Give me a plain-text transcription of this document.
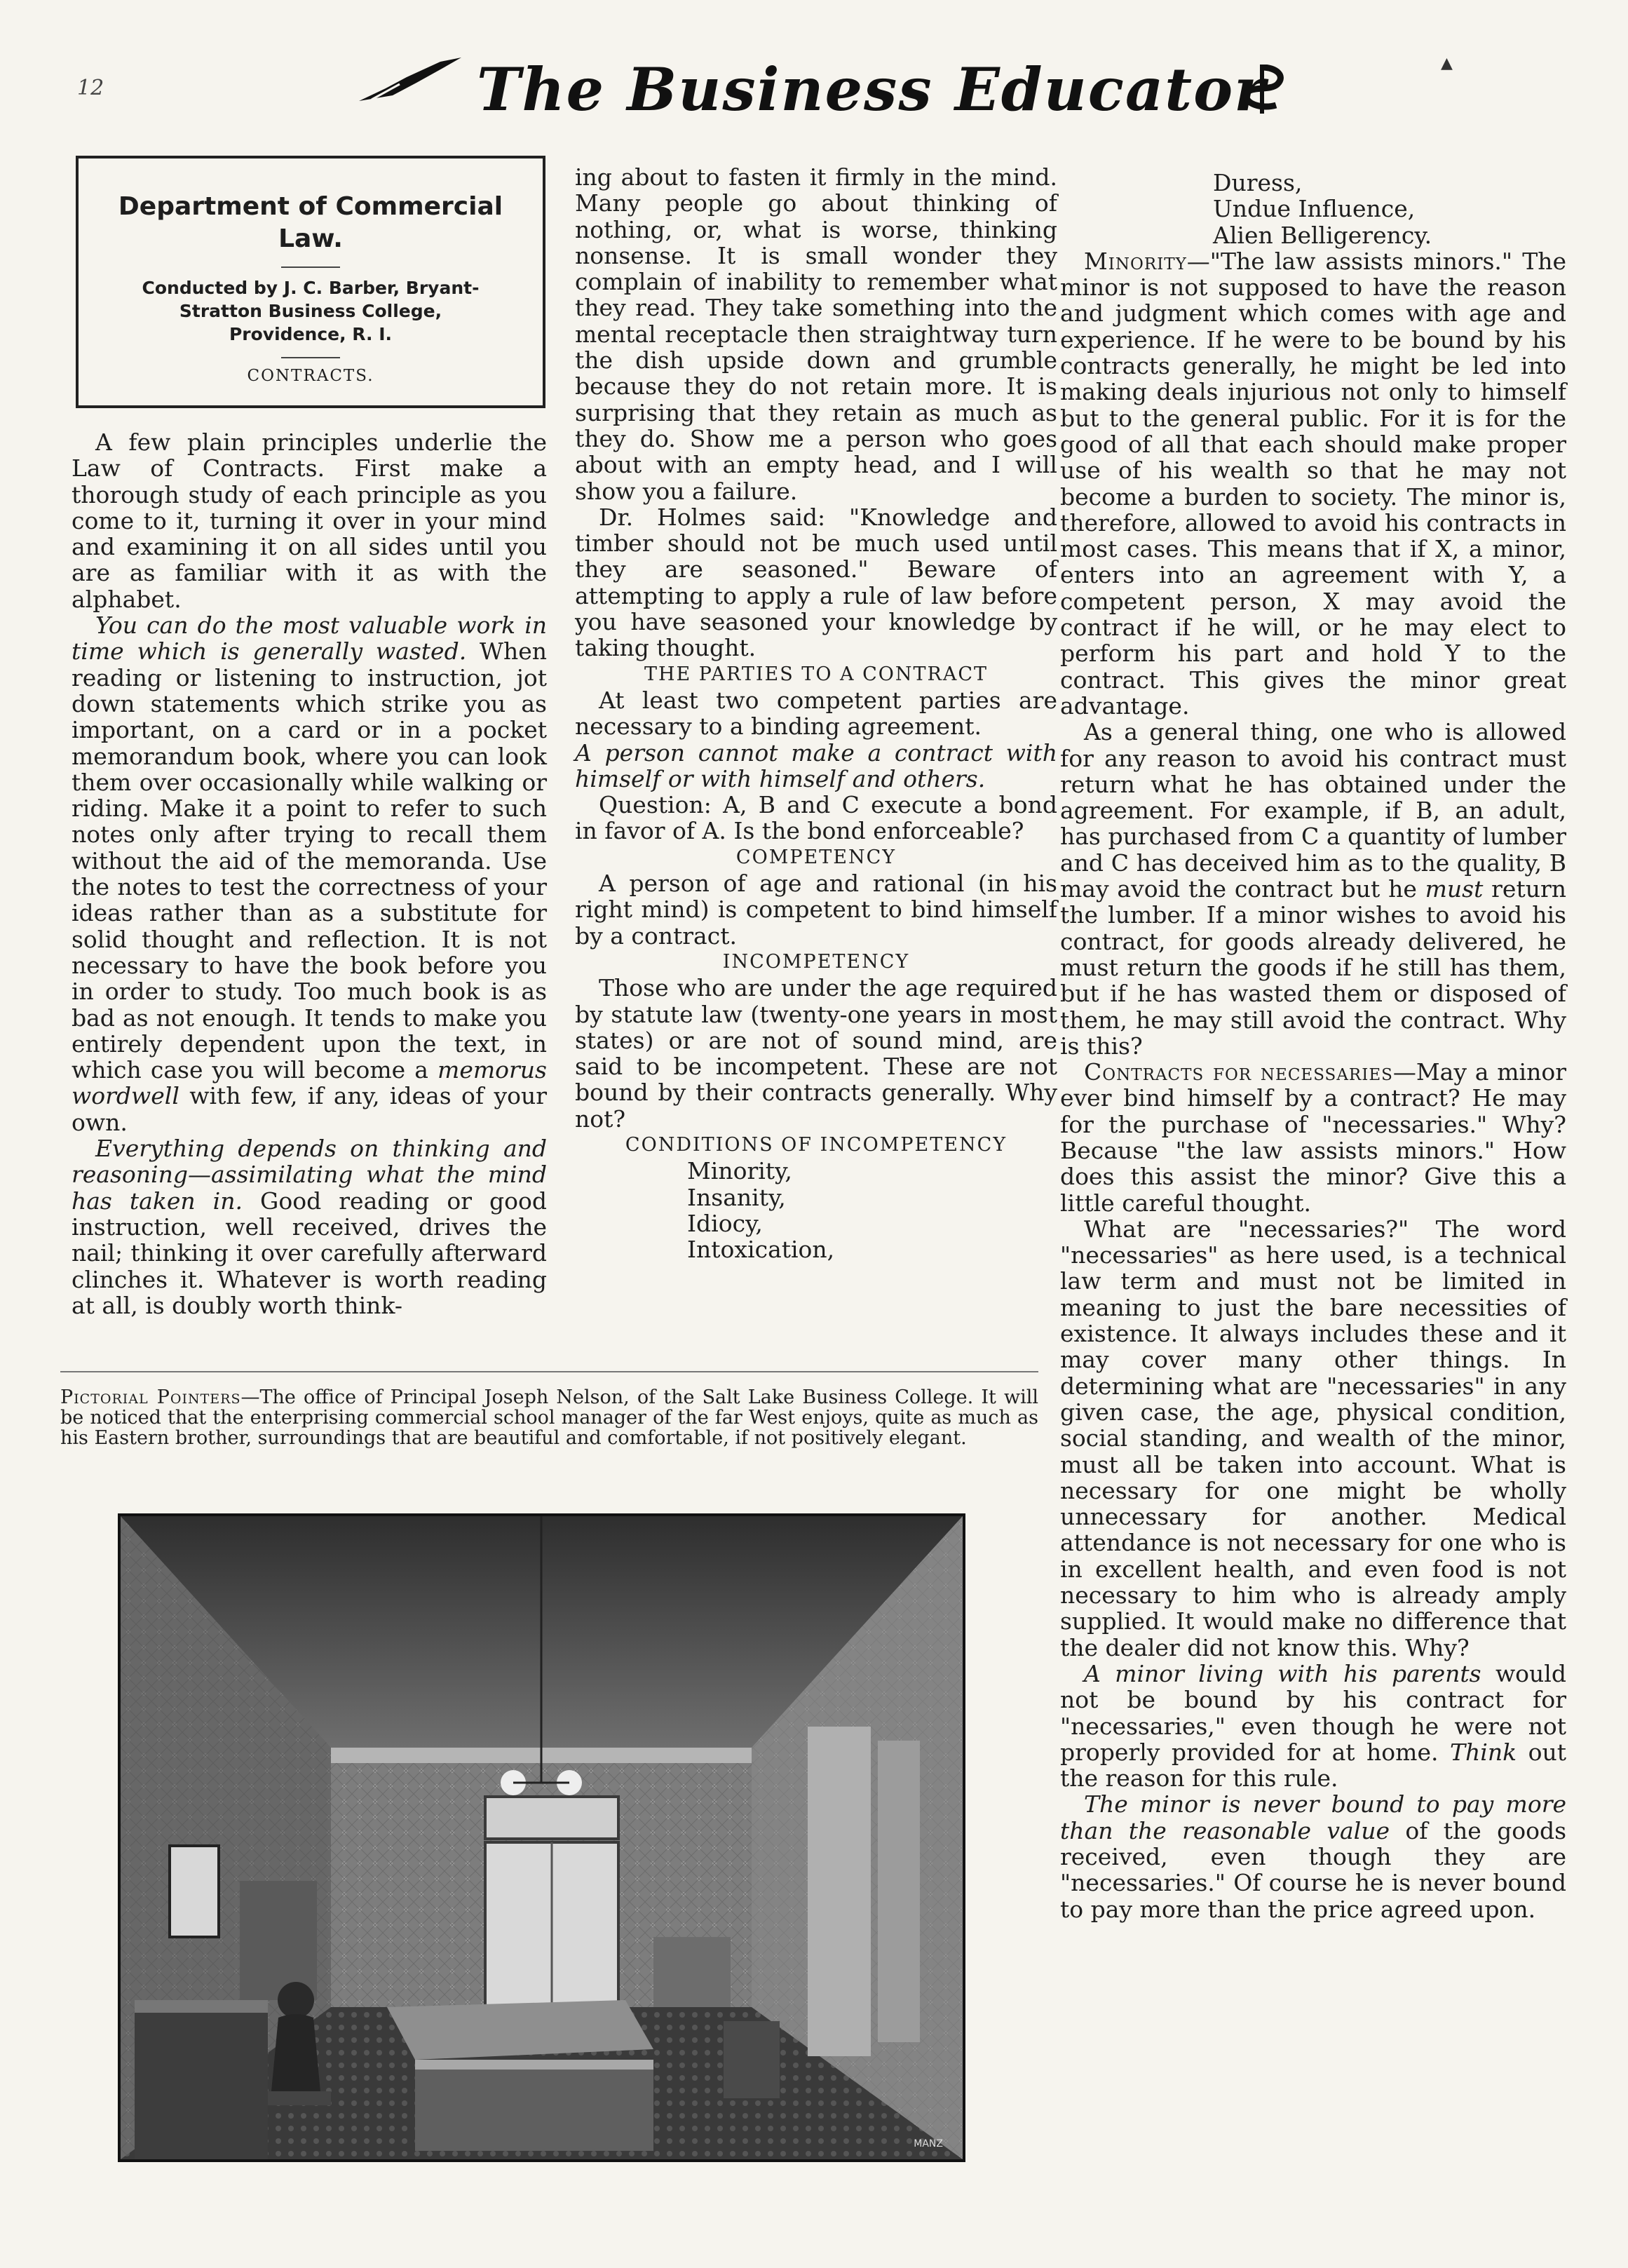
12	The Business Educator	▲
Department of Commercial
Law.
Conducted by J. C. Barber, Bryant-
Stratton Business College,
Providence, R. I.
CONTRACTS.

A few plain principles underlie the Law of Contracts. First make a thorough study of each principle as you come to it, turning it over in your mind and examining it on all sides until you are as familiar with it as with the alphabet.

You can do the most valuable work in time which is generally wasted. When reading or listening to instruction, jot down statements which strike you as important, on a card or in a pocket memorandum book, where you can look them over occasionally while walking or riding. Make it a point to refer to such notes only after trying to recall them without the aid of the memoranda. Use the notes to test the correctness of your ideas rather than as a substitute for solid thought and reflection. It is not necessary to have the book before you in order to study. Too much book is as bad as not enough. It tends to make you entirely dependent upon the text, in which case you will become a memorus wordwell with few, if any, ideas of your own.

Everything depends on thinking and reasoning—assimilating what the mind has taken in. Good reading or good instruction, well received, drives the nail; thinking it over carefully afterward clinches it. Whatever is worth reading at all, is doubly worth think-

ing about to fasten it firmly in the mind. Many people go about thinking of nothing, or, what is worse, thinking nonsense. It is small wonder they complain of inability to remember what they read. They take something into the mental receptacle then straightway turn the dish upside down and grumble because they do not retain more. It is surprising that they retain as much as they do. Show me a person who goes about with an empty head, and I will show you a failure.

Dr. Holmes said: "Knowledge and timber should not be much used until they are seasoned." Beware of attempting to apply a rule of law before you have seasoned your knowledge by taking thought.

THE PARTIES TO A CONTRACT

At least two competent parties are necessary to a binding agreement.

A person cannot make a contract with himself or with himself and others.

Question: A, B and C execute a bond in favor of A. Is the bond enforceable?

COMPETENCY

A person of age and rational (in his right mind) is competent to bind himself by a contract.

INCOMPETENCY

Those who are under the age required by statute law (twenty-one years in most states) or are not of sound mind, are said to be incompetent. These are not bound by their contracts generally. Why not?

CONDITIONS OF INCOMPETENCY

Minority,

Insanity,

Idiocy,

Intoxication,

Duress,

Undue Influence,

Alien Belligerency.

Minority—"The law assists minors." The minor is not supposed to have the reason and judgment which comes with age and experience. If he were to be bound by his contracts generally, he might be led into making deals injurious not only to himself but to the general public. For it is for the good of all that each should make proper use of his wealth so that he may not become a burden to society. The minor is, therefore, allowed to avoid his contracts in most cases. This means that if X, a minor, enters into an agreement with Y, a competent person, X may avoid the contract if he will, or he may elect to perform his part and hold Y to the contract. This gives the minor great advantage.

As a general thing, one who is allowed for any reason to avoid his contract must return what he has obtained under the agreement. For example, if B, an adult, has purchased from C a quantity of lumber and C has deceived him as to the quality, B may avoid the contract but he must return the lumber. If a minor wishes to avoid his contract, for goods already delivered, he must return the goods if he still has them, but if he has wasted them or disposed of them, he may still avoid the contract. Why is this?

Contracts for necessaries—May a minor ever bind himself by a contract? He may for the purchase of "necessaries." Why? Because "the law assists minors." How does this assist the minor? Give this a little careful thought.

What are "necessaries?" The word "necessaries" as here used, is a technical law term and must not be limited in meaning to just the bare necessities of existence. It always includes these and it may cover many other things. In determining what are "necessaries" in any given case, the age, physical condition, social standing, and wealth of the minor, must all be taken into account. What is necessary for one might be wholly unnecessary for another. Medical attendance is not necessary for one who is in excellent health, and even food is not necessary to him who is already amply supplied. It would make no difference that the dealer did not know this. Why?

A minor living with his parents would not be bound by his contract for "necessaries," even though he were not properly provided for at home. Think out the reason for this rule.

The minor is never bound to pay more than the reasonable value of the goods received, even though they are "necessaries." Of course he is never bound to pay more than the price agreed upon.

Pictorial Pointers—The office of Principal Joseph Nelson, of the Salt Lake Business College. It will be noticed that the enterprising commercial school manager of the far West enjoys, quite as much as his Eastern brother, surroundings that are beautiful and comfortable, if not positively elegant.
MANZ
